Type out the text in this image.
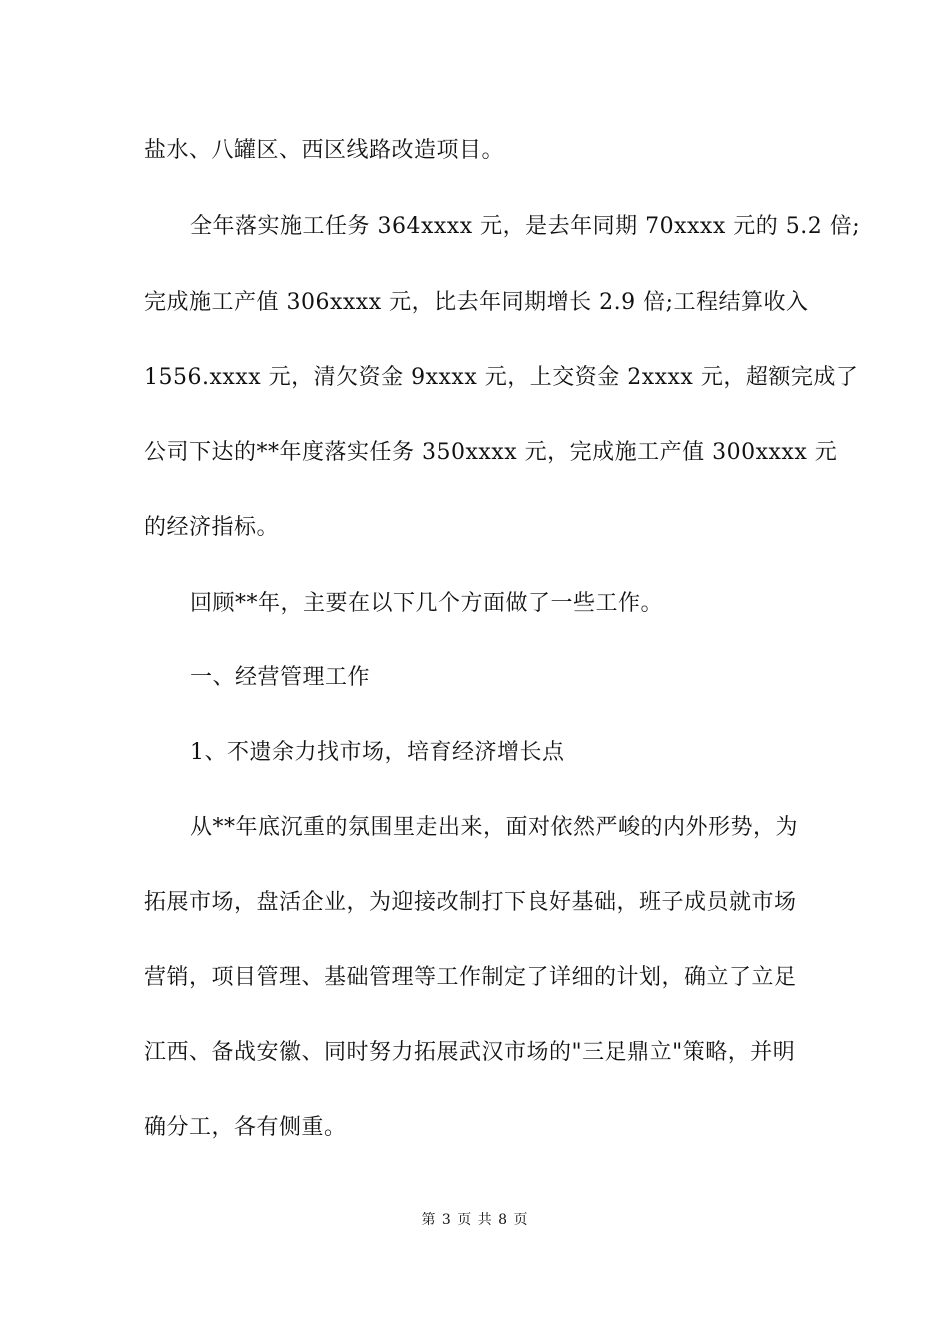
盐水、八罐区、西区线路改造项目。
全年落实施工任务 364xxxx 元，是去年同期 70xxxx 元的 5.2 倍;
完成施工产值 306xxxx 元，比去年同期增长 2.9 倍;工程结算收入
1556.xxxx 元，清欠资金 9xxxx 元，上交资金 2xxxx 元，超额完成了
公司下达的**年度落实任务 350xxxx 元，完成施工产值 300xxxx 元
的经济指标。
回顾**年，主要在以下几个方面做了一些工作。
一、经营管理工作
1、不遗余力找市场，培育经济增长点
从**年底沉重的氛围里走出来，面对依然严峻的内外形势，为
拓展市场，盘活企业，为迎接改制打下良好基础，班子成员就市场
营销，项目管理、基础管理等工作制定了详细的计划，确立了立足
江西、备战安徽、同时努力拓展武汉市场的"三足鼎立"策略，并明
确分工，各有侧重。
第 3 页 共 8 页
